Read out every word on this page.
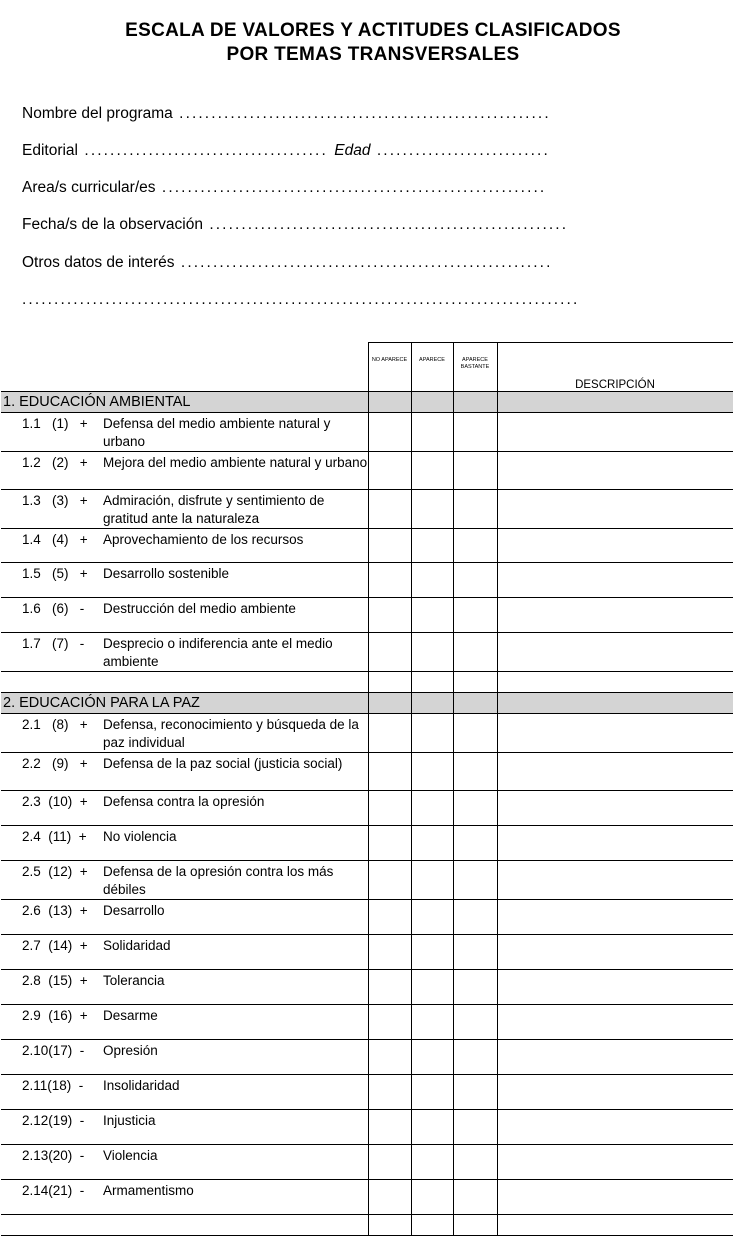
ESCALA DE VALORES Y ACTITUDES CLASIFICADOS
POR TEMAS TRANSVERSALES
Nombre del programa ..........................................................
Editorial ...................................... Edad ...........................
Area/s curricular/es ............................................................
Fecha/s de la observación ........................................................
Otros datos de interés ..........................................................
.......................................................................................
	NO APARECE	APARECE	APARECE BASTANTE	DESCRIPCIÓN
1. EDUCACIÓN AMBIENTAL				

1.1   (1)   + Defensa del medio ambiente natural y urbano				

1.2   (2)   + Mejora del medio ambiente natural y urbano				

1.3   (3)   + Admiración, disfrute y sentimiento de gratitud ante la naturaleza				

1.4   (4)   + Aprovechamiento de los recursos				

1.5   (5)   + Desarrollo sostenible				

1.6   (6)   - Destrucción del medio ambiente				

1.7   (7)   - Desprecio o indiferencia ante el medio ambiente				

2. EDUCACIÓN PARA LA PAZ				

2.1   (8)   + Defensa, reconocimiento y búsqueda de la paz individual				

2.2   (9)   + Defensa de la paz social (justicia social)				

2.3  (10)  + Defensa contra la opresión				

2.4  (11)  + No violencia				

2.5  (12)  + Defensa de la opresión contra los más débiles				

2.6  (13)  + Desarrollo				

2.7  (14)  + Solidaridad				

2.8  (15)  + Tolerancia				

2.9  (16)  + Desarme				

2.10(17)  - Opresión				

2.11(18)  - Insolidaridad				

2.12(19)  - Injusticia				

2.13(20)  - Violencia				

2.14(21)  - Armamentismo				
